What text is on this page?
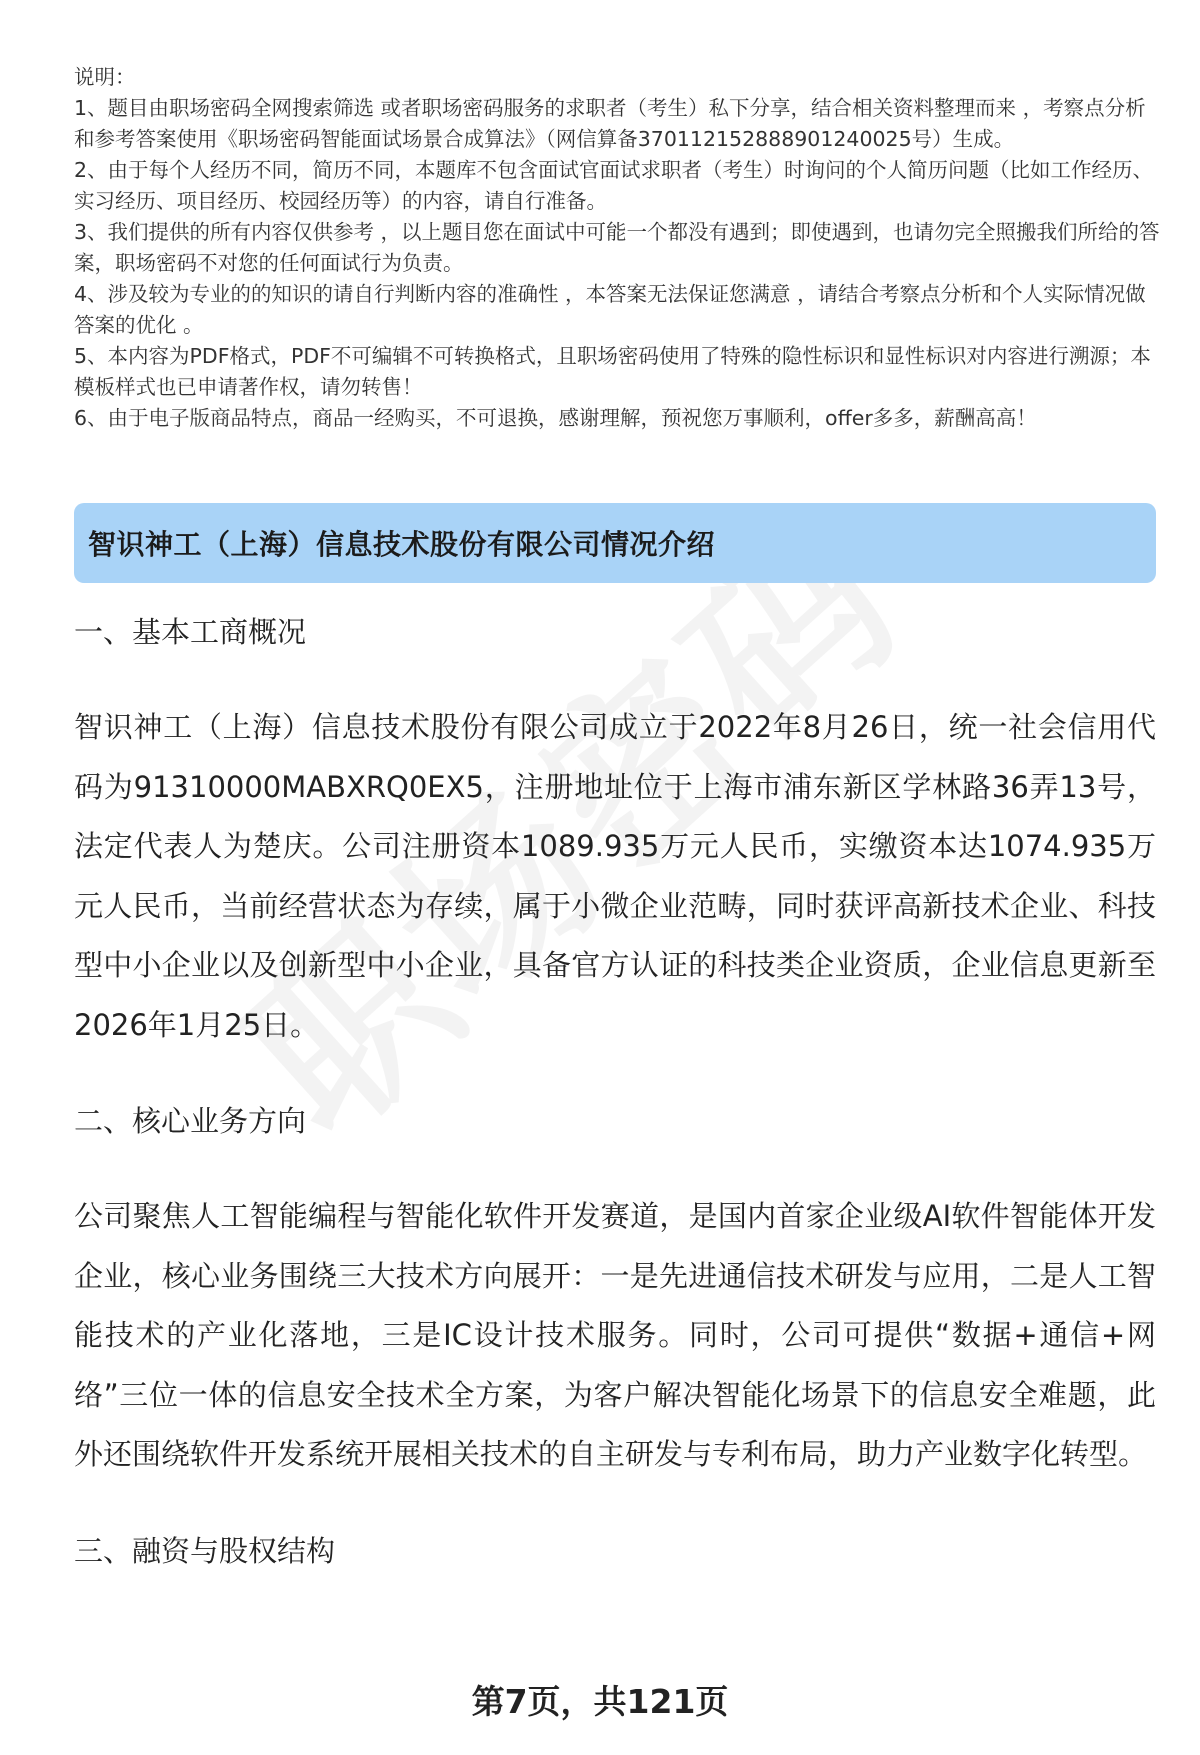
说明：

1、题目由职场密码全网搜索筛选 或者职场密码服务的求职者（考生）私下分享，结合相关资料整理而来 ，考察点分析和参考答案使用《职场密码智能面试场景合成算法》（网信算备370112152888901240025号）生成。

2、由于每个人经历不同，简历不同，本题库不包含面试官面试求职者（考生）时询问的个人简历问题（比如工作经历、实习经历、项目经历、校园经历等）的内容，请自行准备。

3、我们提供的所有内容仅供参考 ，以上题目您在面试中可能一个都没有遇到；即使遇到，也请勿完全照搬我们所给的答案，职场密码不对您的任何面试行为负责。

4、涉及较为专业的的知识的请自行判断内容的准确性 ，本答案无法保证您满意 ，请结合考察点分析和个人实际情况做答案的优化 。

5、本内容为PDF格式，PDF不可编辑不可转换格式，且职场密码使用了特殊的隐性标识和显性标识对内容进行溯源；本模板样式也已申请著作权，请勿转售！

6、由于电子版商品特点，商品一经购买，不可退换，感谢理解，预祝您万事顺利，offer多多，薪酬高高！

智识神工（上海）信息技术股份有限公司情况介绍
一、基本工商概况
智识神工（上海）信息技术股份有限公司成立于2022年8月26日，统一社会信用代码为91310000MABXRQ0EX5，注册地址位于上海市浦东新区学林路36弄13号，法定代表人为楚庆。公司注册资本1089.935万元人民币，实缴资本达1074.935万元人民币，当前经营状态为存续，属于小微企业范畴，同时获评高新技术企业、科技型中小企业以及创新型中小企业，具备官方认证的科技类企业资质，企业信息更新至2026年1月25日。
二、核心业务方向
公司聚焦人工智能编程与智能化软件开发赛道，是国内首家企业级AI软件智能体开发企业，核心业务围绕三大技术方向展开：一是先进通信技术研发与应用，二是人工智能技术的产业化落地，三是IC设计技术服务。同时，公司可提供“数据+通信+网络”三位一体的信息安全技术全方案，为客户解决智能化场景下的信息安全难题，此外还围绕软件开发系统开展相关技术的自主研发与专利布局，助力产业数字化转型。
三、融资与股权结构
第7页，共121页
